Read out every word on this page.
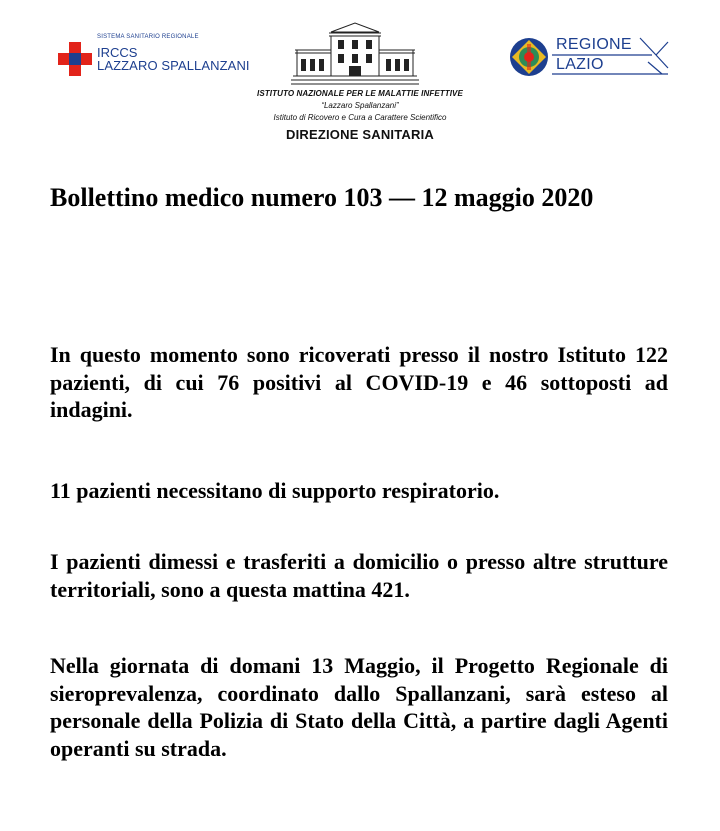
SISTEMA SANITARIO REGIONALE
IRCCS
LAZZARO SPALLANZANI
REGIONE
LAZIO
ISTITUTO NAZIONALE PER LE MALATTIE INFETTIVE
“Lazzaro Spallanzani”
Istituto di Ricovero e Cura a Carattere Scientifico
DIREZIONE SANITARIA
Bollettino medico numero 103 — 12 maggio 2020

In questo momento sono ricoverati presso il nostro Istituto 122 pazienti, di cui 76 positivi al COVID-19 e 46 sottoposti ad indagini.

11 pazienti necessitano di supporto respiratorio.

I pazienti dimessi e trasferiti a domicilio o presso altre strutture territoriali, sono a questa mattina 421.

Nella giornata di domani 13 Maggio, il Progetto Regionale di sieroprevalenza, coordinato dallo Spallanzani, sarà esteso al personale della Polizia di Stato della Città, a partire dagli Agenti operanti su strada.
